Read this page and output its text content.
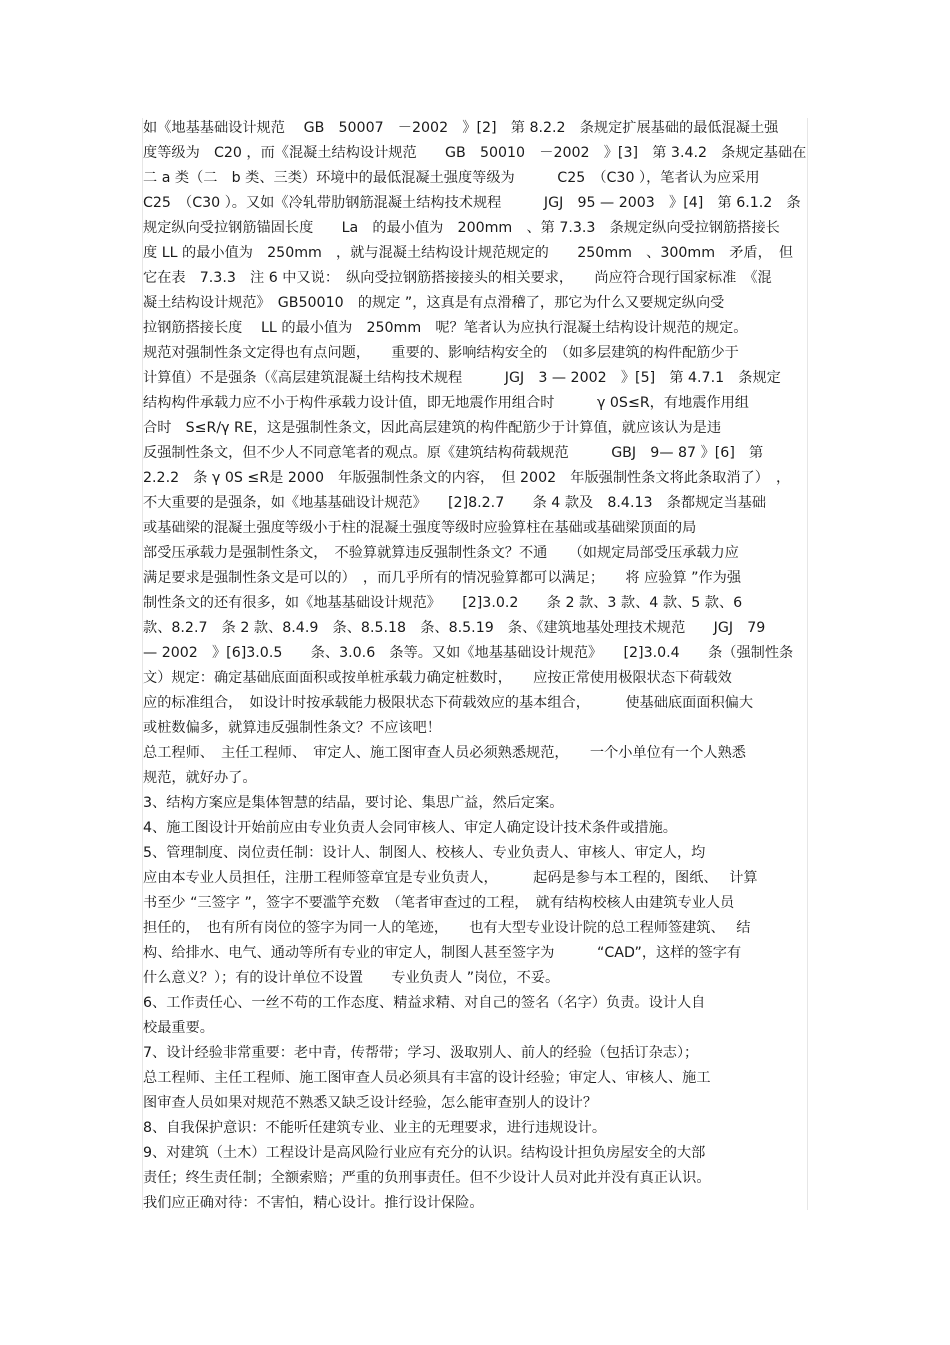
如《地基基础设计规范　 GB　50007　－2002　》[2]　第 8.2.2　条规定扩展基础的最低混凝土强
度等级为　C20 ，而《混凝土结构设计规范　　GB　50010　－2002　》[3]　第 3.4.2　条规定基础在
二 a 类（二　b 类、三类）环境中的最低混凝土强度等级为　　　C25　（C30 ），笔者认为应采用
C25　（C30 ）。又如《冷轧带肋钢筋混凝土结构技术规程　　　JGJ　95 — 2003　》[4]　第 6.1.2　条
规定纵向受拉钢筋锚固长度　　La　的最小值为　200mm　、第 7.3.3　条规定纵向受拉钢筋搭接长
度 LL 的最小值为　250mm　，就与混凝土结构设计规范规定的　　250mm　、300mm　矛盾，　但
它在表　7.3.3　注 6 中又说：　纵向受拉钢筋搭接接头的相关要求，　　尚应符合现行国家标准　《混
凝土结构设计规范》　GB50010　的规定 ”，这真是有点滑稽了，那它为什么又要规定纵向受
拉钢筋搭接长度　 LL 的最小值为　250mm　呢？笔者认为应执行混凝土结构设计规范的规定。
规范对强制性条文定得也有点问题，　　重要的、影响结构安全的　（如多层建筑的构件配筋少于
计算值）不是强条（《高层建筑混凝土结构技术规程　　　JGJ　3 — 2002　》[5]　第 4.7.1　条规定
结构构件承载力应不小于构件承载力设计值，即无地震作用组合时　　　γ 0S≤R，有地震作用组
合时　S≤R/γ RE，这是强制性条文，因此高层建筑的构件配筋少于计算值，就应该认为是违
反强制性条文，但不少人不同意笔者的观点。原《建筑结构荷载规范　　　GBJ　9— 87 》[6]　第
2.2.2　条 γ 0S ≤R是 2000　年版强制性条文的内容，　但 2002　年版强制性条文将此条取消了）　，
不大重要的是强条，如《地基基础设计规范》　　[2]8.2.7　　条 4 款及　8.4.13　条都规定当基础
或基础梁的混凝土强度等级小于柱的混凝土强度等级时应验算柱在基础或基础梁顶面的局
部受压承载力是强制性条文，　不验算就算违反强制性条文？不通　　（如规定局部受压承载力应
满足要求是强制性条文是可以的）　，而几乎所有的情况验算都可以满足；　　将 应验算 ”作为强
制性条文的还有很多，如《地基基础设计规范》　　[2]3.0.2　　条 2 款、3 款、4 款、5 款、6
款、8.2.7　条 2 款、8.4.9　条、8.5.18　条、8.5.19　条、《建筑地基处理技术规范　　JGJ　79
— 2002　》[6]3.0.5　　条、3.0.6　条等。又如《地基基础设计规范》　　[2]3.0.4　　条（强制性条
文）规定：确定基础底面面积或按单桩承载力确定桩数时，　　应按正常使用极限状态下荷载效
应的标准组合，　如设计时按承载能力极限状态下荷载效应的基本组合，　　　使基础底面面积偏大
或桩数偏多，就算违反强制性条文？不应该吧！
总工程师、　主任工程师、　审定人、施工图审查人员必须熟悉规范，　　一个小单位有一个人熟悉
规范，就好办了。
3、结构方案应是集体智慧的结晶，要讨论、集思广益，然后定案。
4、施工图设计开始前应由专业负责人会同审核人、审定人确定设计技术条件或措施。
5、管理制度、岗位责任制：设计人、制图人、校核人、专业负责人、审核人、审定人，均
应由本专业人员担任，注册工程师签章宜是专业负责人，　　　起码是参与本工程的，图纸、　 计算
书至少 “三签字 ”，签字不要滥竽充数　（笔者审查过的工程，　就有结构校核人由建筑专业人员
担任的，　也有所有岗位的签字为同一人的笔迹，　　也有大型专业设计院的总工程师签建筑、　 结
构、给排水、电气、通动等所有专业的审定人，制图人甚至签字为　　　“CAD”，这样的签字有
什么意义？）；有的设计单位不设置　　专业负责人 ”岗位，不妥。
6、工作责任心、一丝不苟的工作态度、精益求精、对自己的签名（名字）负责。设计人自
校最重要。
7、设计经验非常重要：老中青，传帮带；学习、汲取别人、前人的经验（包括订杂志）；
总工程师、主任工程师、施工图审查人员必须具有丰富的设计经验；审定人、审核人、施工
图审查人员如果对规范不熟悉又缺乏设计经验，怎么能审查别人的设计？
8、自我保护意识：不能听任建筑专业、业主的无理要求，进行违规设计。
9、对建筑（土木）工程设计是高风险行业应有充分的认识。结构设计担负房屋安全的大部
责任；终生责任制；全额索赔；严重的负刑事责任。但不少设计人员对此并没有真正认识。
我们应正确对待：不害怕，精心设计。推行设计保险。
